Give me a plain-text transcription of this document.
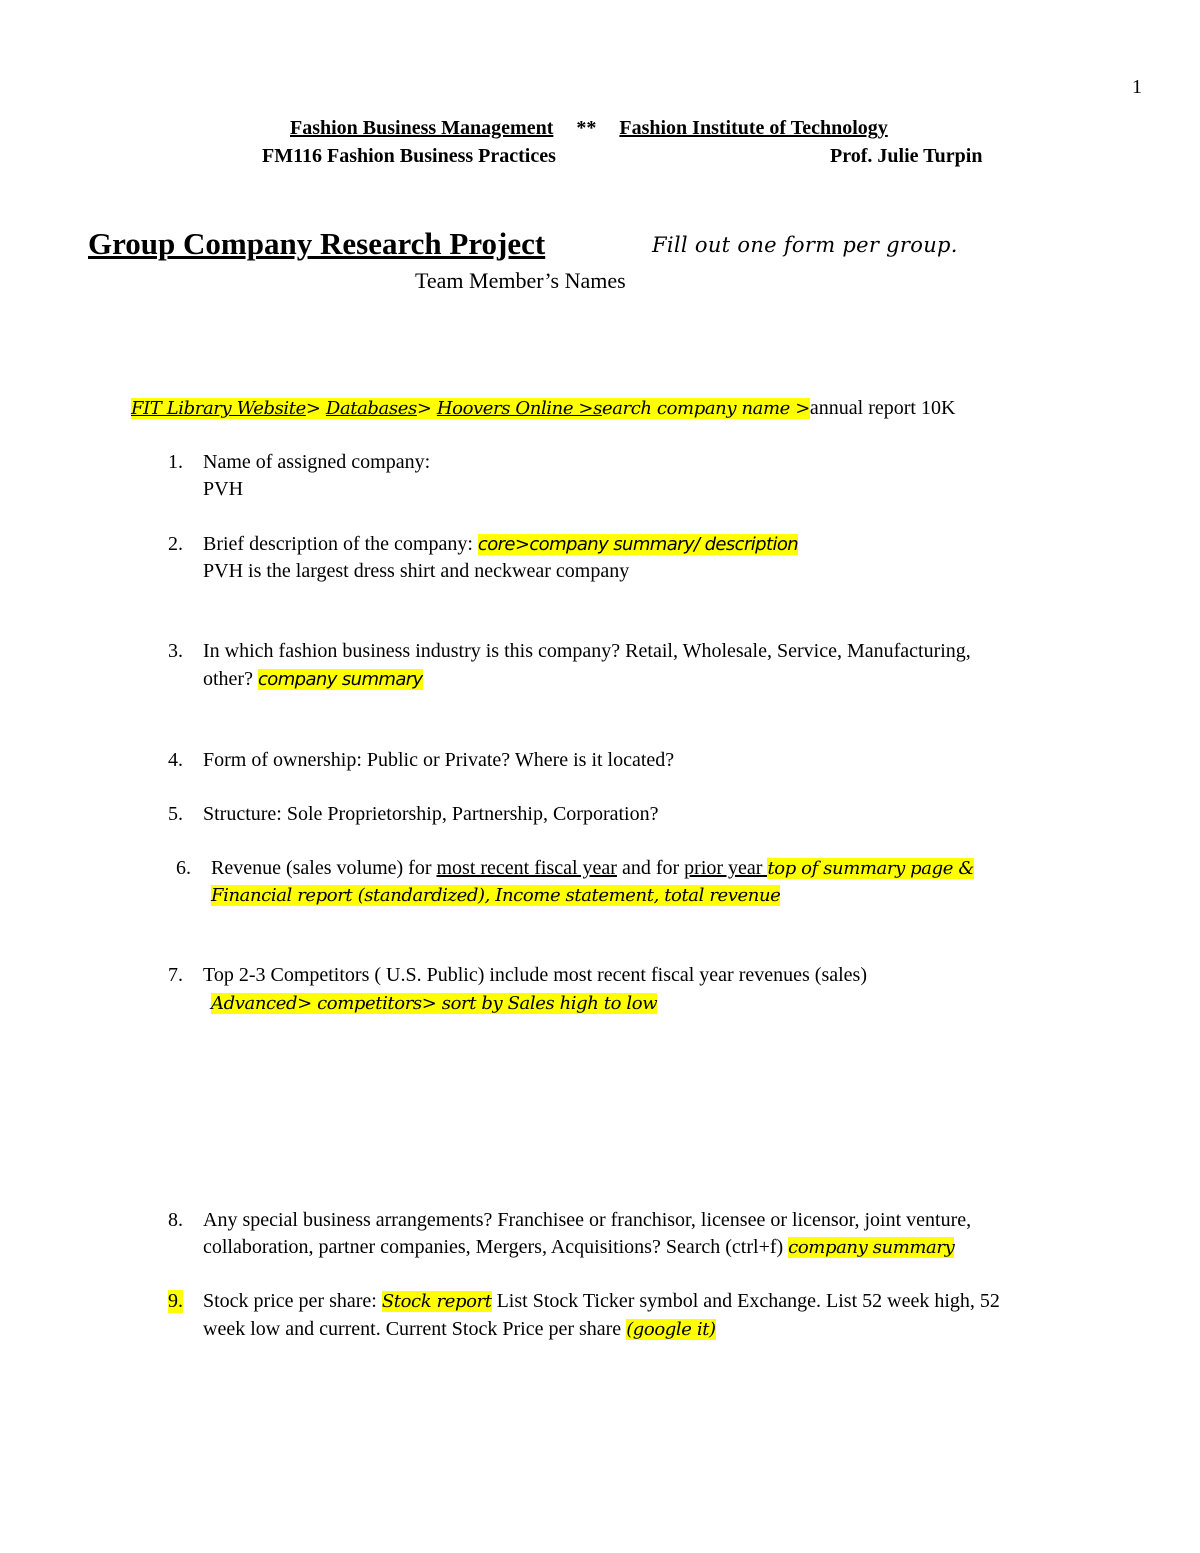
1
Fashion Business Management ** Fashion Institute of Technology
FM116 Fashion Business Practices	Prof. Julie Turpin
Group Company Research Project	Fill out one form per group.
Team Member’s Names
FIT Library Website> Databases> Hoovers Online >search company name >annual report 10K
1. Name of assigned company:
PVH
2. Brief description of the company: core>company summary/ description
PVH is the largest dress shirt and neckwear company
3. In which fashion business industry is this company? Retail, Wholesale, Service, Manufacturing,
other? company summary
4. Form of ownership: Public or Private? Where is it located?
5. Structure: Sole Proprietorship, Partnership, Corporation?
6. Revenue (sales volume) for most recent fiscal year and for prior year top of summary page &
Financial report (standardized), Income statement, total revenue
7. Top 2-3 Competitors ( U.S. Public) include most recent fiscal year revenues (sales)
Advanced> competitors> sort by Sales high to low
8. Any special business arrangements? Franchisee or franchisor, licensee or licensor, joint venture,
collaboration, partner companies, Mergers, Acquisitions? Search (ctrl+f) company summary
9. Stock price per share: Stock report List Stock Ticker symbol and Exchange. List 52 week high, 52
week low and current. Current Stock Price per share (google it)
